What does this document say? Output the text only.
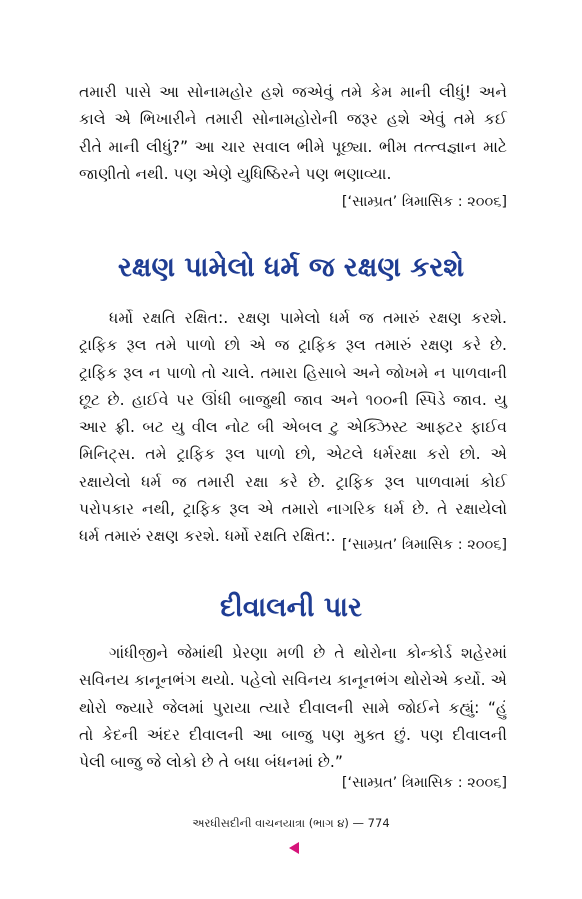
તમારી પાસે આ સોનામહોર હશે જએવું તમે કેમ માની લીધું! અને
કાલે એ ભિખારીને તમારી સોનામહોરોની જરૂર હશે એવું તમે કઈ
રીતે માની લીધું?” આ ચાર સવાલ ભીમે પૂછ્યા. ભીમ તત્ત્વજ્ઞાન માટે
જાણીતો નથી. પણ એણે યુધિષ્ઠિરને પણ ભણાવ્યા.
[‘સામ્પ્રત’ ત્રિમાસિક : ૨૦૦૬]
રક્ષણ પામેલો ધર્મ જ રક્ષણ કરશે
ધર્મો રક્ષતિ રક્ષિત:. રક્ષણ પામેલો ધર્મ જ તમારું રક્ષણ કરશે.
ટ્રાફિક રૂલ તમે પાળો છો એ જ ટ્રાફિક રૂલ તમારું રક્ષણ કરે છે.
ટ્રાફિક રૂલ ન પાળો તો ચાલે. તમારા હિસાબે અને જોખમે ન પાળવાની
છૂટ છે. હાઈવે પર ઊંધી બાજુથી જાવ અને ૧૦૦ની સ્પિડે જાવ. યુ
આર ફ્રી. બટ યુ વીલ નોટ બી એબલ ટુ એક્ઝિસ્ટ આફ્ટર ફાઈવ
મિનિટ્સ. તમે ટ્રાફિક રૂલ પાળો છો, એટલે ધર્મરક્ષા કરો છો. એ
રક્ષાયેલો ધર્મ જ તમારી રક્ષા કરે છે. ટ્રાફિક રૂલ પાળવામાં કોઈ
પરોપકાર નથી, ટ્રાફિક રૂલ એ તમારો નાગરિક ધર્મ છે. તે રક્ષાયેલો
ધર્મ તમારું રક્ષણ કરશે. ધર્મો રક્ષતિ રક્ષિત:. [‘સામ્પ્રત’ ત્રિમાસિક : ૨૦૦૬]
દીવાલની પાર
ગાંધીજીને જેમાંથી પ્રેરણા મળી છે તે થોરોના કોન્કોર્ડ શહેરમાં
સવિનય કાનૂનભંગ થયો. પહેલો સવિનય કાનૂનભંગ થોરોએ કર્યો. એ
થોરો જ્યારે જેલમાં પુરાયા ત્યારે દીવાલની સામે જોઈને કહ્યું: “હું
તો કેદની અંદર દીવાલની આ બાજુ પણ મુક્ત છું. પણ દીવાલની
પેલી બાજુ જે લોકો છે તે બધા બંધનમાં છે.”
[‘સામ્પ્રત’ ત્રિમાસિક : ૨૦૦૬]
અરધીસદીની વાચનયાત્રા (ભાગ ૪) — 774
